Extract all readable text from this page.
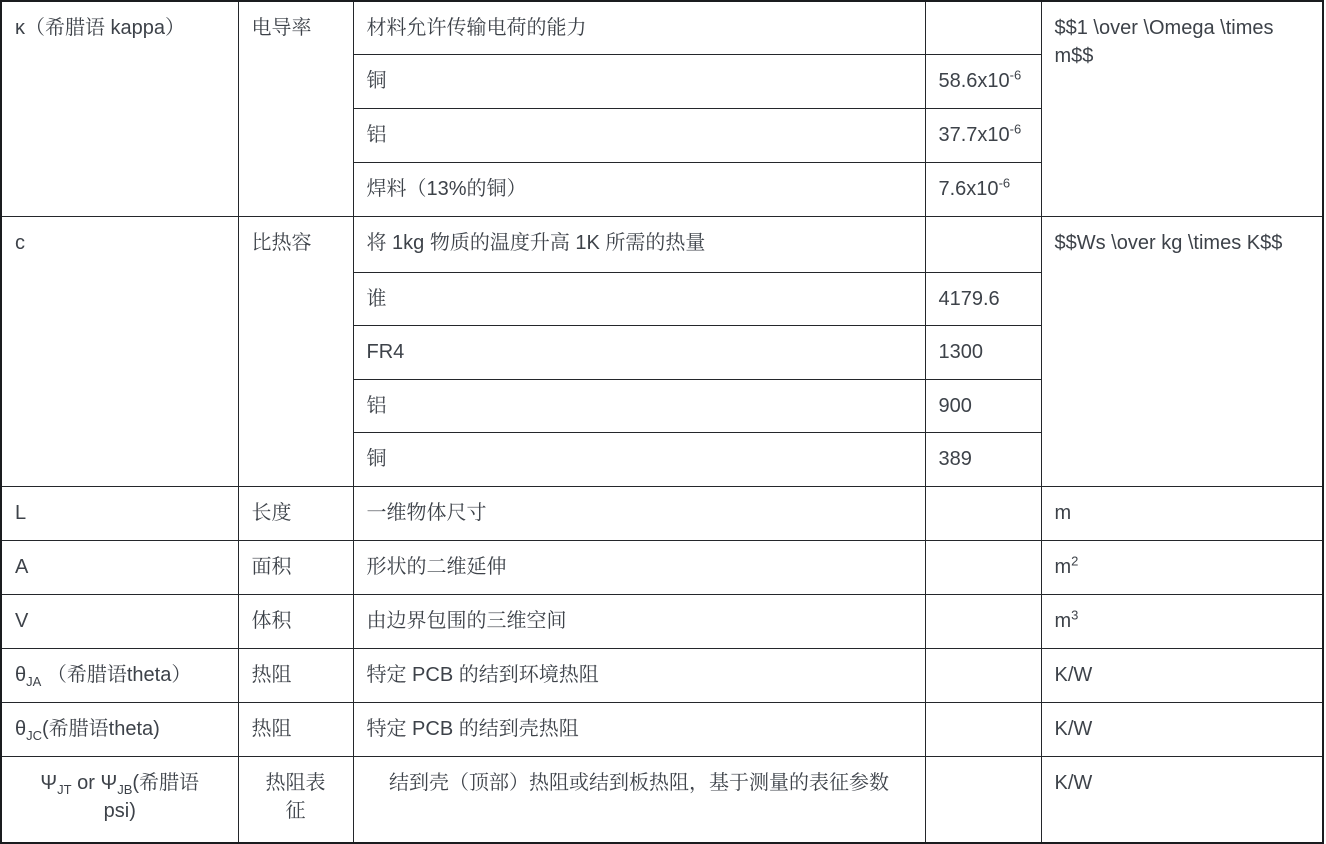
κ（希腊语 kappa）	电导率	材料允许传输电荷的能力		$$1 \over \Omega \times m$$
		铜	$58.6x10^{-6}$
		铝	$37.7x10^{-6}$
		焊料（13%的铜）	$7.6x10^{-6}$
c	比热容	将 1kg 物质的温度升高 1K 所需的热量		$$Ws \over kg \times K$$
		谁	4179.6	
		FR4	1300	
		铝	900	
		铜	389	
L	长度	一维物体尺寸		m
A	面积	形状的二维延伸		$m^2$
V	体积	由边界包围的三维空间		$m^3$
$\theta_{JA}$ （希腊语theta）	热阻	特定 PCB 的结到环境热阻		K/W
$\theta_{JC}$(希腊语theta)	热阻	特定 PCB 的结到壳热阻		K/W
$\Psi_{JT}$ or $\Psi_{JB}$(希腊语 psi)	热阻表征	结到壳（顶部）热阻或结到板热阻，基于测量的表征参数		K/W
